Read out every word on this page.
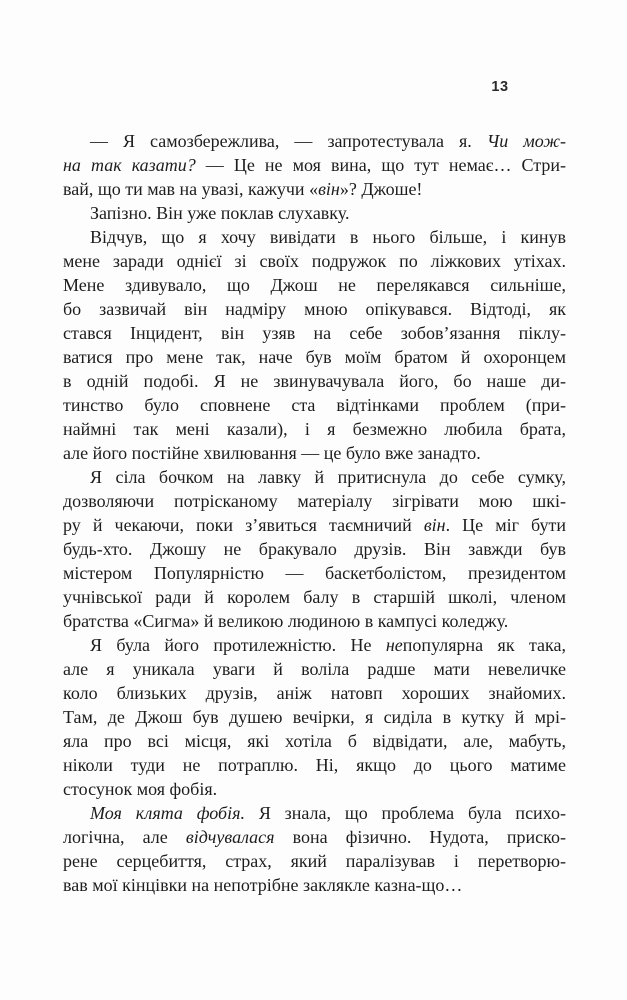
13
— Я самозбережлива, — запротестувала я. Чи мож-
на так казати? — Це не моя вина, що тут немає… Стри-
вай, що ти мав на увазі, кажучи «він»? Джоше!
Запізно. Він уже поклав слухавку.
Відчув, що я хочу вивідати в нього більше, і кинув
мене заради однієї зі своїх подружок по ліжкових утіхах.
Мене здивувало, що Джош не перелякався сильніше,
бо зазвичай він надміру мною опікувався. Відтоді, як
стався Інцидент, він узяв на себе зобов’язання піклу-
ватися про мене так, наче був моїм братом й охоронцем
в одній подобі. Я не звинувачувала його, бо наше ди-
тинство було сповнене ста відтінками проблем (при-
наймні так мені казали), і я безмежно любила брата,
але його постійне хвилювання — це було вже занадто.
Я сіла бочком на лавку й притиснула до себе сумку,
дозволяючи потрісканому матеріалу зігрівати мою шкі-
ру й чекаючи, поки з’явиться таємничий він. Це міг бути
будь-хто. Джошу не бракувало друзів. Він завжди був
містером Популярністю — баскетболістом, президентом
учнівської ради й королем балу в старшій школі, членом
братства «Сигма» й великою людиною в кампусі коледжу.
Я була його протилежністю. Не непопулярна як така,
але я уникала уваги й воліла радше мати невеличке
коло близьких друзів, аніж натовп хороших знайомих.
Там, де Джош був душею вечірки, я сиділа в кутку й мрі-
яла про всі місця, які хотіла б відвідати, але, мабуть,
ніколи туди не потраплю. Ні, якщо до цього матиме
стосунок моя фобія.
Моя клята фобія. Я знала, що проблема була психо-
логічна, але відчувалася вона фізично. Нудота, приско-
рене серцебиття, страх, який паралізував і перетворю-
вав мої кінцівки на непотрібне заклякле казна-що…
